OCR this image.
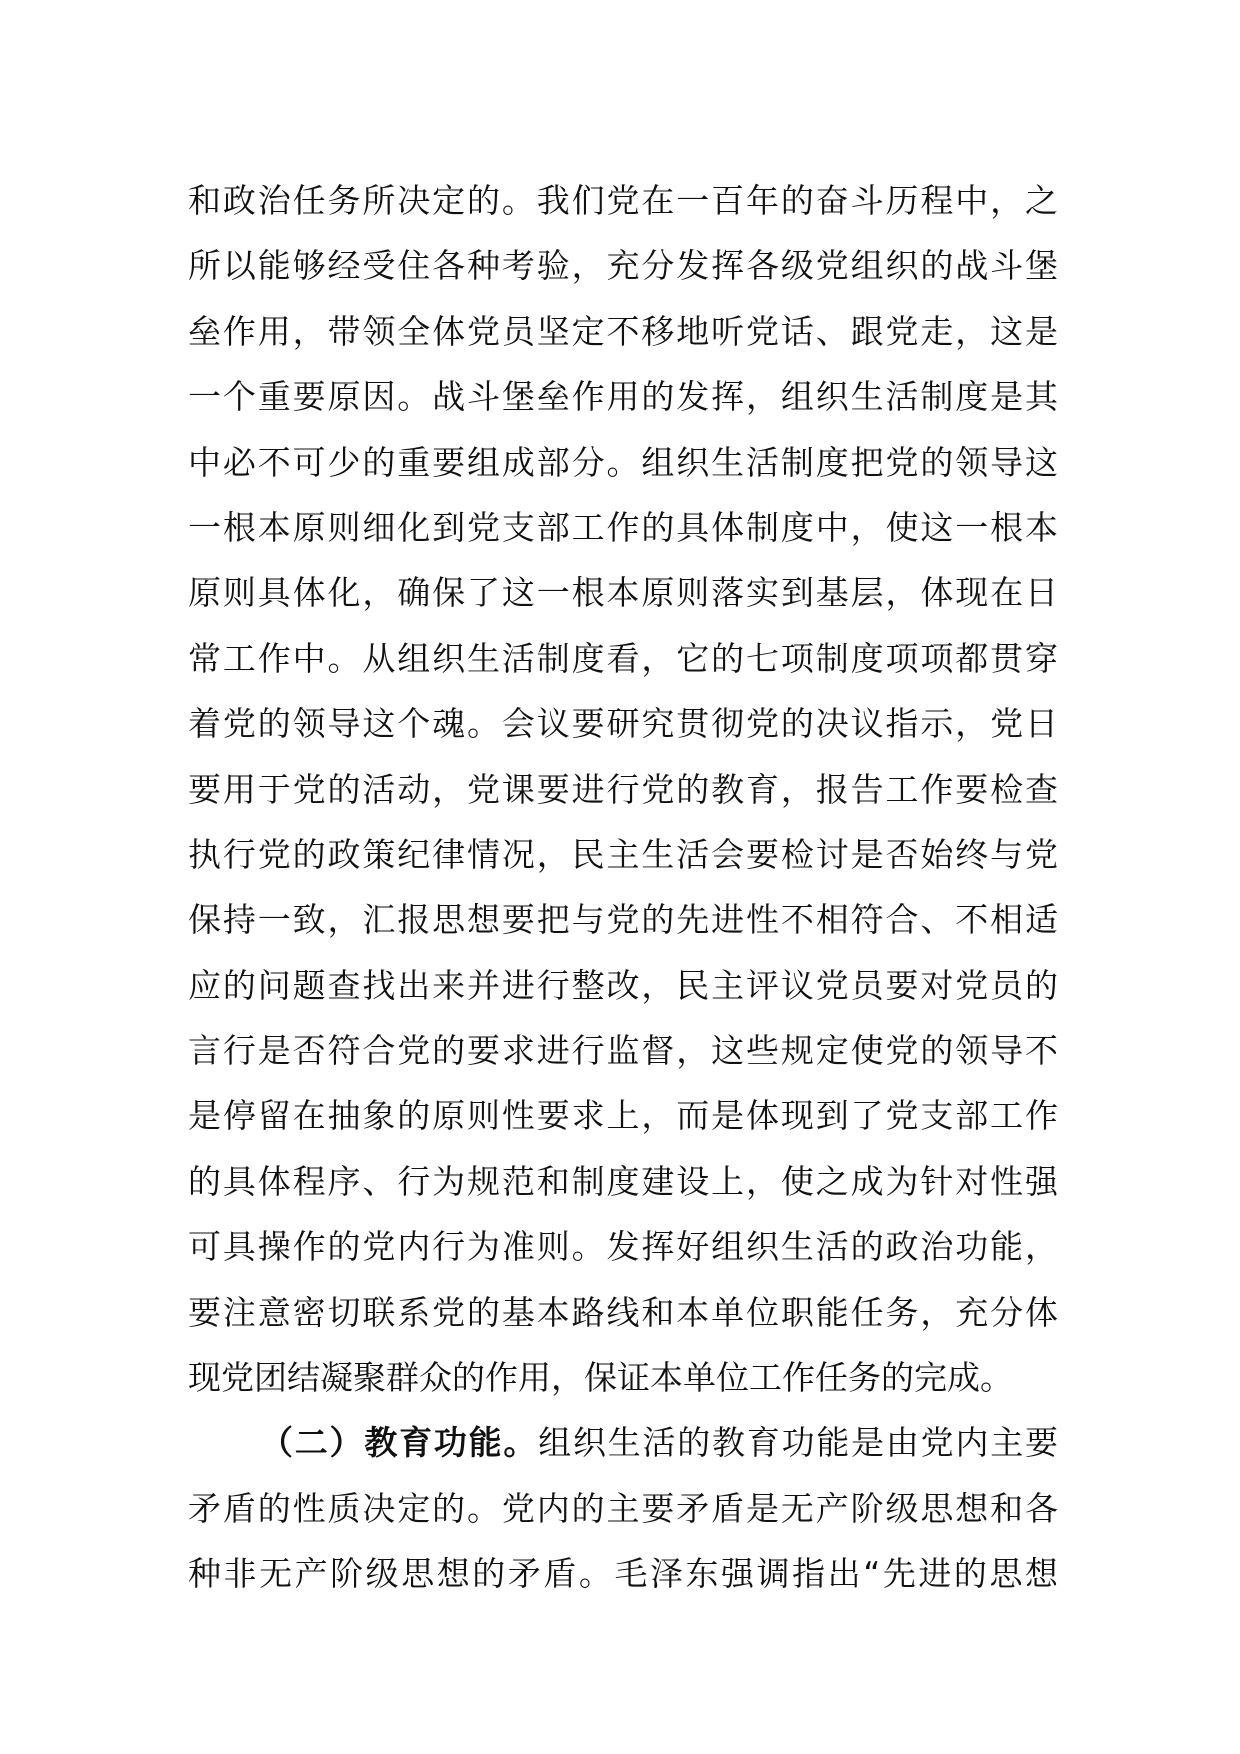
和政治任务所决定的。我们党在一百年的奋斗历程中，之
所以能够经受住各种考验，充分发挥各级党组织的战斗堡
垒作用，带领全体党员坚定不移地听党话、跟党走，这是
一个重要原因。战斗堡垒作用的发挥，组织生活制度是其
中必不可少的重要组成部分。组织生活制度把党的领导这
一根本原则细化到党支部工作的具体制度中，使这一根本
原则具体化，确保了这一根本原则落实到基层，体现在日
常工作中。从组织生活制度看，它的七项制度项项都贯穿
着党的领导这个魂。会议要研究贯彻党的决议指示，党日
要用于党的活动，党课要进行党的教育，报告工作要检查
执行党的政策纪律情况，民主生活会要检讨是否始终与党
保持一致，汇报思想要把与党的先进性不相符合、不相适
应的问题查找出来并进行整改，民主评议党员要对党员的
言行是否符合党的要求进行监督，这些规定使党的领导不
是停留在抽象的原则性要求上，而是体现到了党支部工作
的具体程序、行为规范和制度建设上，使之成为针对性强
可具操作的党内行为准则。发挥好组织生活的政治功能，
要注意密切联系党的基本路线和本单位职能任务，充分体
现党团结凝聚群众的作用，保证本单位工作任务的完成。
（二）教育功能。组织生活的教育功能是由党内主要
矛盾的性质决定的。党内的主要矛盾是无产阶级思想和各
种非无产阶级思想的矛盾。毛泽东强调指出“先进的思想
